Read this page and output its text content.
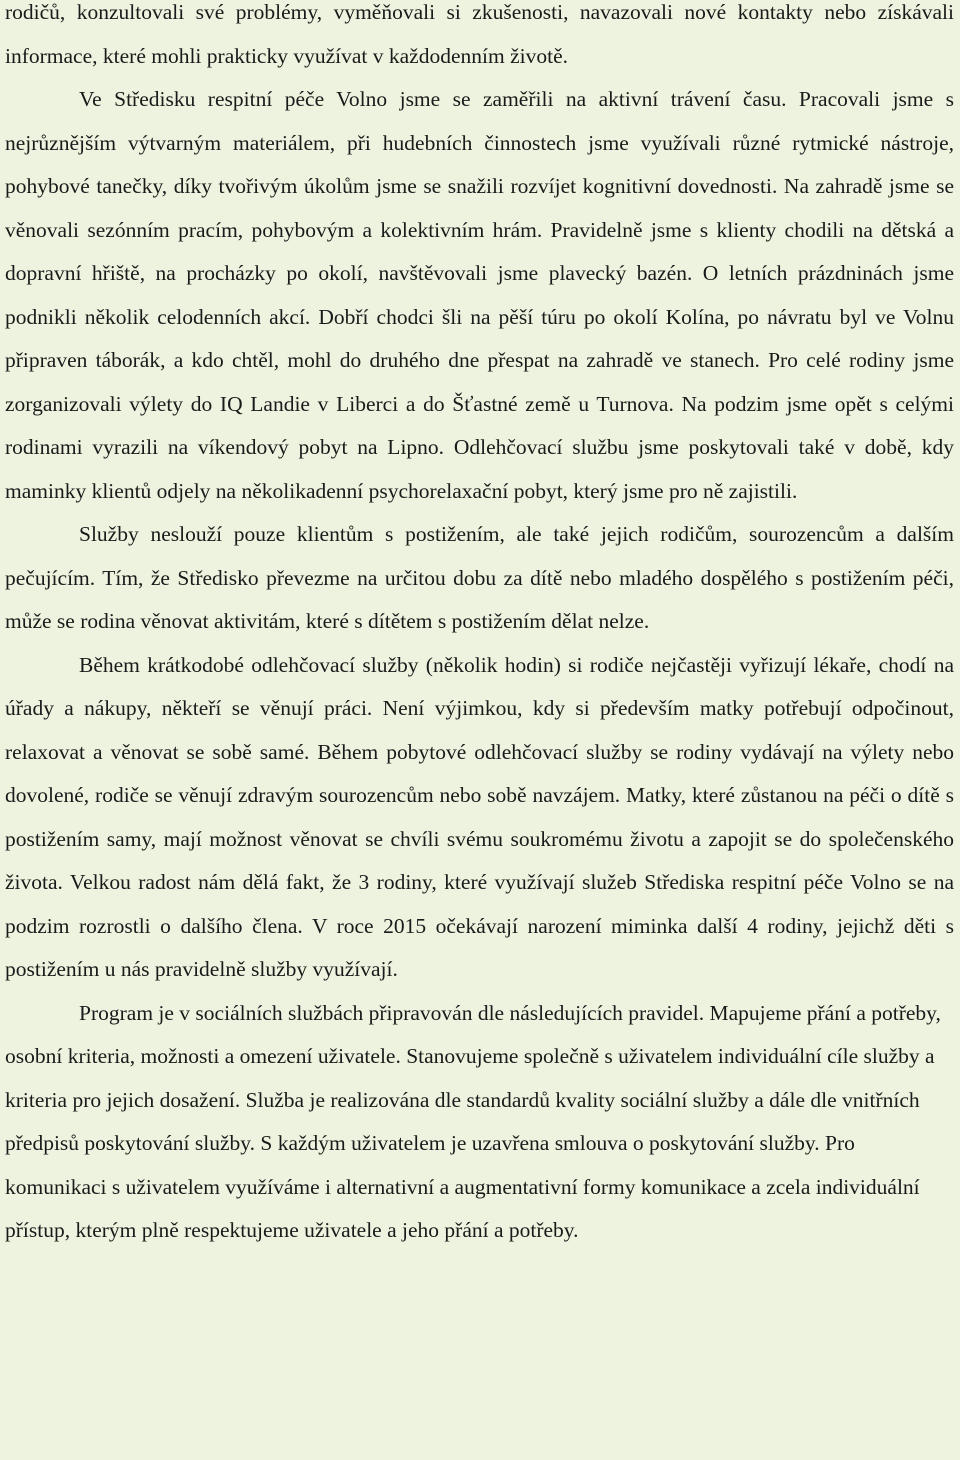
rodičů, konzultovali své problémy, vyměňovali si zkušenosti, navazovali nové kontakty nebo získávali informace, které mohli prakticky využívat v každodenním životě.

Ve Středisku respitní péče Volno jsme se zaměřili na aktivní trávení času. Pracovali jsme s nejrůznějším výtvarným materiálem, při hudebních činnostech jsme využívali různé rytmické nástroje, pohybové tanečky, díky tvořivým úkolům jsme se snažili rozvíjet kognitivní dovednosti. Na zahradě jsme se věnovali sezónním pracím, pohybovým a kolektivním hrám. Pravidelně jsme s klienty chodili na dětská a dopravní hřiště, na procházky po okolí, navštěvovali jsme plavecký bazén. O letních prázdninách jsme podnikli několik celodenních akcí. Dobří chodci šli na pěší túru po okolí Kolína, po návratu byl ve Volnu připraven táborák, a kdo chtěl, mohl do druhého dne přespat na zahradě ve stanech. Pro celé rodiny jsme zorganizovali výlety do IQ Landie v Liberci a do Šťastné země u Turnova. Na podzim jsme opět s celými rodinami vyrazili na víkendový pobyt na Lipno. Odlehčovací službu jsme poskytovali také v době, kdy maminky klientů odjely na několikadenní psychorelaxační pobyt, který jsme pro ně zajistili.

Služby neslouží pouze klientům s postižením, ale také jejich rodičům, sourozencům a dalším pečujícím. Tím, že Středisko převezme na určitou dobu za dítě nebo mladého dospělého s postižením péči, může se rodina věnovat aktivitám, které s dítětem s postižením dělat nelze.

Během krátkodobé odlehčovací služby (několik hodin) si rodiče nejčastěji vyřizují lékaře, chodí na úřady a nákupy, někteří se věnují práci. Není výjimkou, kdy si především matky potřebují odpočinout, relaxovat a věnovat se sobě samé. Během pobytové odlehčovací služby se rodiny vydávají na výlety nebo dovolené, rodiče se věnují zdravým sourozencům nebo sobě navzájem. Matky, které zůstanou na péči o dítě s postižením samy, mají možnost věnovat se chvíli svému soukromému životu a zapojit se do společenského života. Velkou radost nám dělá fakt, že 3 rodiny, které využívají služeb Střediska respitní péče Volno se na podzim rozrostli o dalšího člena. V roce 2015 očekávají narození miminka další 4 rodiny, jejichž děti s postižením u nás pravidelně služby využívají.

Program je v sociálních službách připravován dle následujících pravidel. Mapujeme přání a potřeby, osobní kriteria, možnosti a omezení uživatele. Stanovujeme společně s uživatelem individuální cíle služby a kriteria pro jejich dosažení. Služba je realizována dle standardů kvality sociální služby a dále dle vnitřních předpisů poskytování služby. S každým uživatelem je uzavřena smlouva o poskytování služby. Pro komunikaci s uživatelem využíváme i alternativní a augmentativní formy komunikace a zcela individuální přístup, kterým plně respektujeme uživatele a jeho přání a potřeby.
